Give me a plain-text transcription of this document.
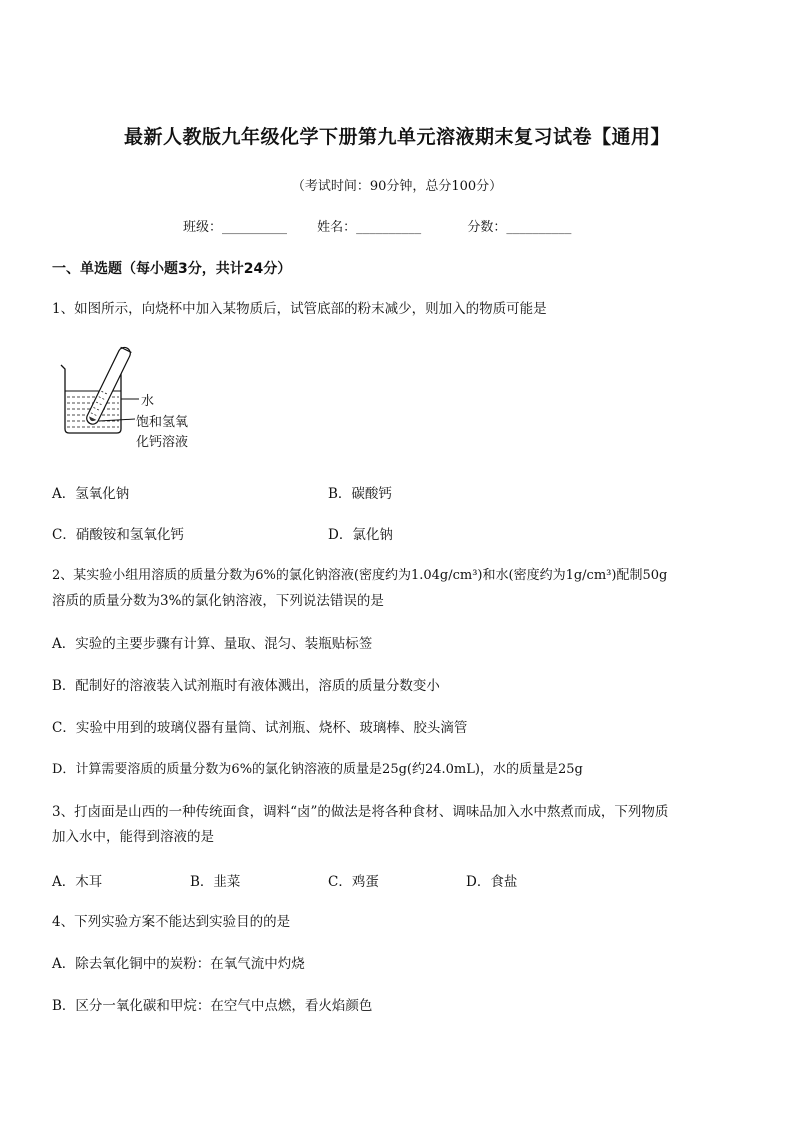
最新人教版九年级化学下册第九单元溶液期末复习试卷【通用】
（考试时间：90分钟，总分100分）
班级：__________ 姓名：__________	分数：__________
一、单选题（每小题3分，共计24分）
1、如图所示，向烧杯中加入某物质后，试管底部的粉末减少，则加入的物质可能是
水
饱和氢氧
化钙溶液
A．氢氧化钠	B．碳酸钙
C．硝酸铵和氢氧化钙	D．氯化钠
2、某实验小组用溶质的质量分数为6%的氯化钠溶液(密度约为1.04g/cm³)和水(密度约为1g/cm³)配制50g
溶质的质量分数为3%的氯化钠溶液，下列说法错误的是
A．实验的主要步骤有计算、量取、混匀、装瓶贴标签
B．配制好的溶液装入试剂瓶时有液体溅出，溶质的质量分数变小
C．实验中用到的玻璃仪器有量筒、试剂瓶、烧杯、玻璃棒、胶头滴管
D．计算需要溶质的质量分数为6%的氯化钠溶液的质量是25g(约24.0mL)，水的质量是25g
3、打卤面是山西的一种传统面食，调料“卤”的做法是将各种食材、调味品加入水中熬煮而成，下列物质
加入水中，能得到溶液的是
A．木耳	B．韭菜	C．鸡蛋	D．食盐
4、下列实验方案不能达到实验目的的是
A．除去氧化铜中的炭粉：在氧气流中灼烧
B．区分一氧化碳和甲烷：在空气中点燃，看火焰颜色
